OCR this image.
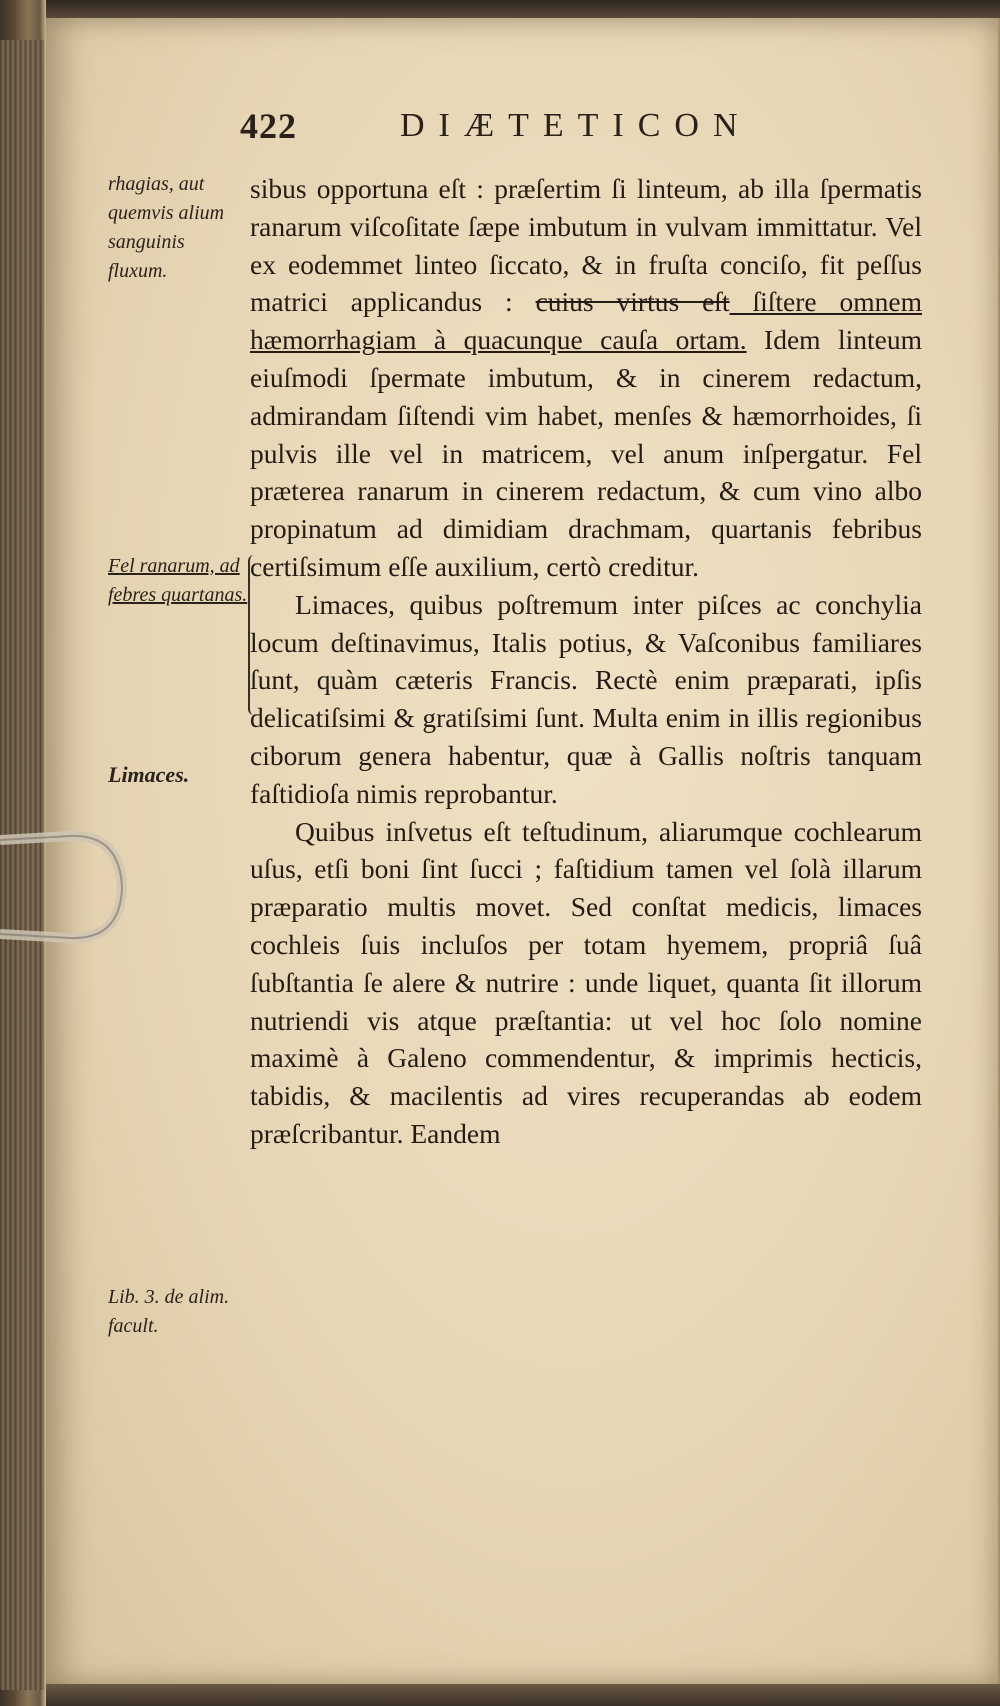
422	DIÆTETICON
rhagias, aut quemvis alium sanguinis fluxum.
Fel ranarum, ad febres quartanas.
Limaces.
Lib. 3. de alim. facult.

sibus opportuna eſt : præſertim ſi linteum, ab illa ſpermatis ranarum viſcoſitate ſæpe imbutum in vulvam immittatur. Vel ex eodemmet linteo ſiccato, & in fruſta conciſo, fit peſſus matrici applicandus : cuius virtus eſt ſiſtere omnem hæmorrhagiam à quacunque cauſa ortam. Idem linteum eiuſmodi ſpermate imbutum, & in cinerem redactum, admirandam ſiſtendi vim habet, menſes & hæmorrhoides, ſi pulvis ille vel in matricem, vel anum inſpergatur. Fel præterea ranarum in cinerem redactum, & cum vino albo propinatum ad dimidiam drachmam, quartanis febribus certiſsimum eſſe auxilium, certò creditur.

Limaces, quibus poſtremum inter piſces ac conchylia locum deſtinavimus, Italis potius, & Vaſconibus familiares ſunt, quàm cæteris Francis. Rectè enim præparati, ipſis delicatiſsimi & gratiſsimi ſunt. Multa enim in illis regionibus ciborum genera habentur, quæ à Gallis noſtris tanquam faſtidioſa nimis reprobantur.

Quibus inſvetus eſt teſtudinum, aliarumque cochlearum uſus, etſi boni ſint ſucci ; faſtidium tamen vel ſolà illarum præparatio multis movet. Sed conſtat medicis, limaces cochleis ſuis incluſos per totam hyemem, propriâ ſuâ ſubſtantia ſe alere & nutrire : unde liquet, quanta ſit illorum nutriendi vis atque præſtantia: ut vel hoc ſolo nomine maximè à Galeno commendentur, & imprimis hecticis, tabidis, & macilentis ad vires recuperandas ab eodem præſcribantur. Eandem
